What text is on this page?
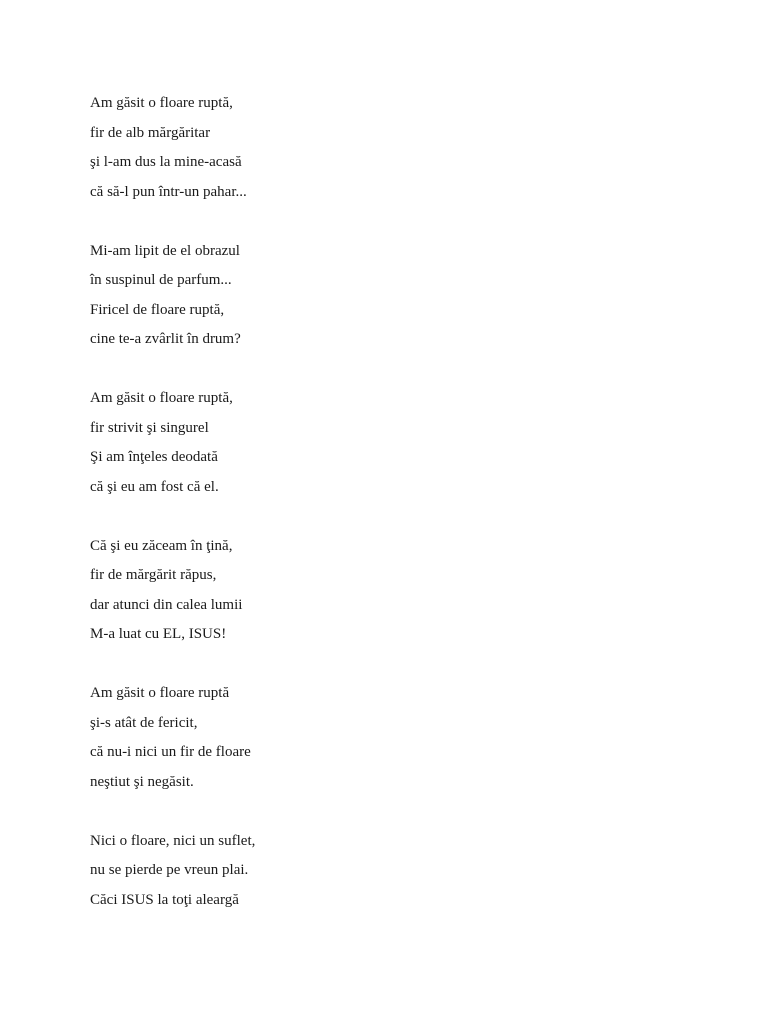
Am găsit o floare ruptă,
fir de alb mărgăritar
şi l-am dus la mine-acasă
că să-l pun într-un pahar...
Mi-am lipit de el obrazul
în suspinul de parfum...
Firicel de floare ruptă,
cine te-a zvârlit în drum?
Am găsit o floare ruptă,
fir strivit şi singurel
Şi am înţeles deodată
că şi eu am fost că el.
Că şi eu zăceam în ţină,
fir de mărgărit răpus,
dar atunci din calea lumii
M-a luat cu EL, ISUS!
Am găsit o floare ruptă
şi-s atât de fericit,
că nu-i nici un fir de floare
neştiut şi negăsit.
Nici o floare, nici un suflet,
nu se pierde pe vreun plai.
Căci ISUS la toţi aleargă
